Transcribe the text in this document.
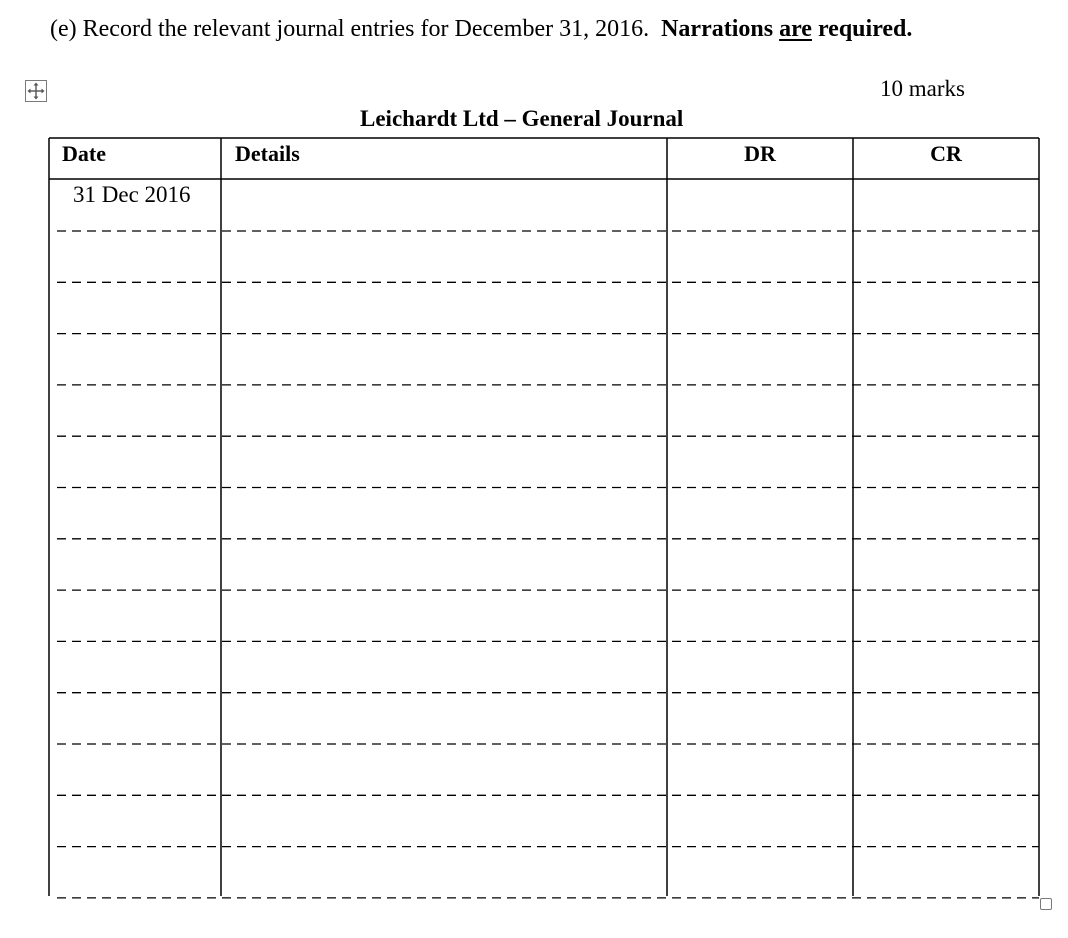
(e) Record the relevant journal entries for December 31, 2016. Narrations are required.
10 marks
Leichardt Ltd – General Journal
Date	Details	DR	CR
31 Dec 2016
